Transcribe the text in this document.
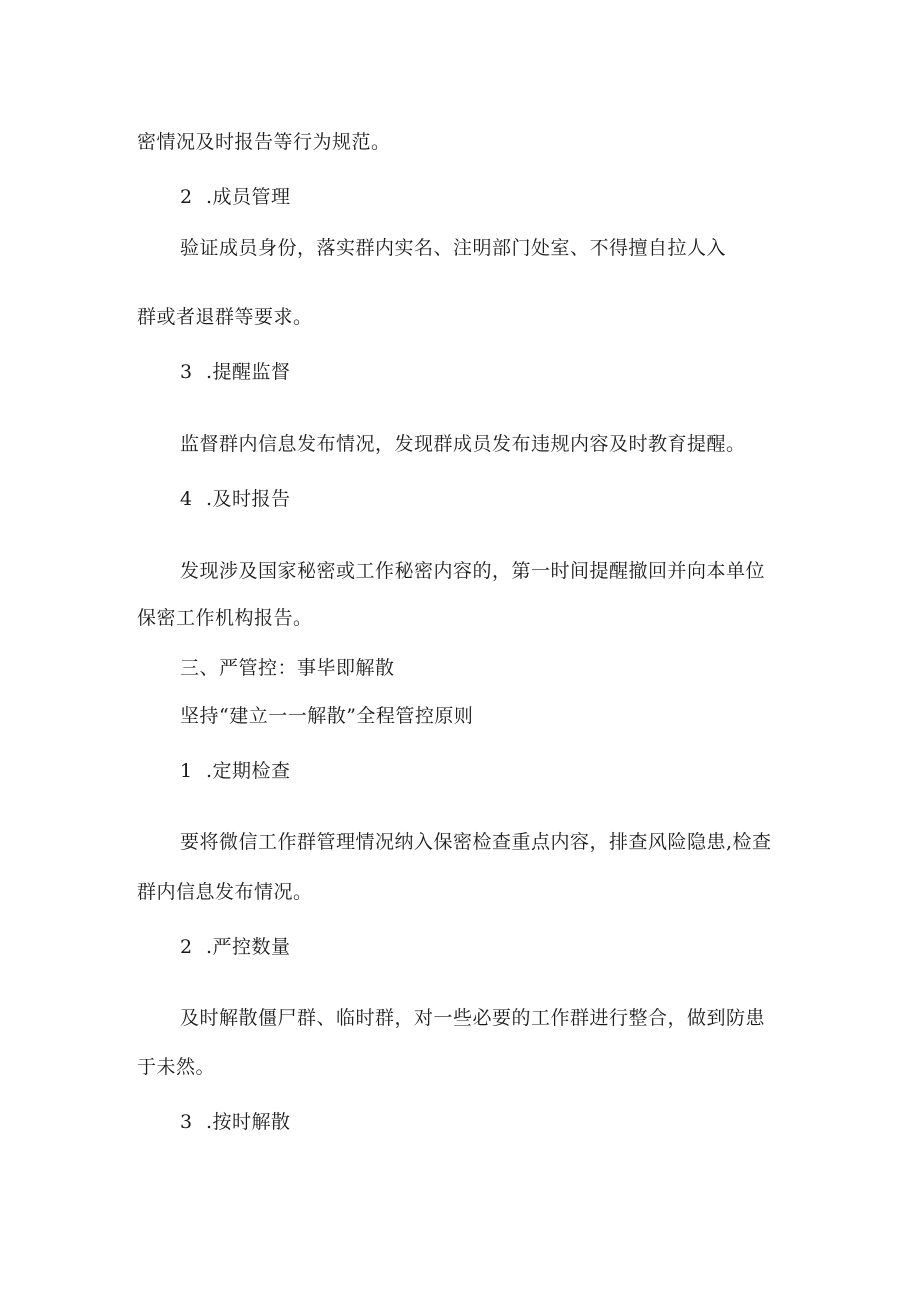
密情况及时报告等行为规范。
2 .成员管理
验证成员身份，落实群内实名、注明部门处室、不得擅自拉人入
群或者退群等要求。
3 .提醒监督
监督群内信息发布情况，发现群成员发布违规内容及时教育提醒。
4 .及时报告
发现涉及国家秘密或工作秘密内容的，第一时间提醒撤回并向本单位
保密工作机构报告。
三、严管控：事毕即解散
坚持“建立一一解散”全程管控原则
1 .定期检查
要将微信工作群管理情况纳入保密检查重点内容，排查风险隐患,检查
群内信息发布情况。
2 .严控数量
及时解散僵尸群、临时群，对一些必要的工作群进行整合，做到防患
于未然。
3 .按时解散
